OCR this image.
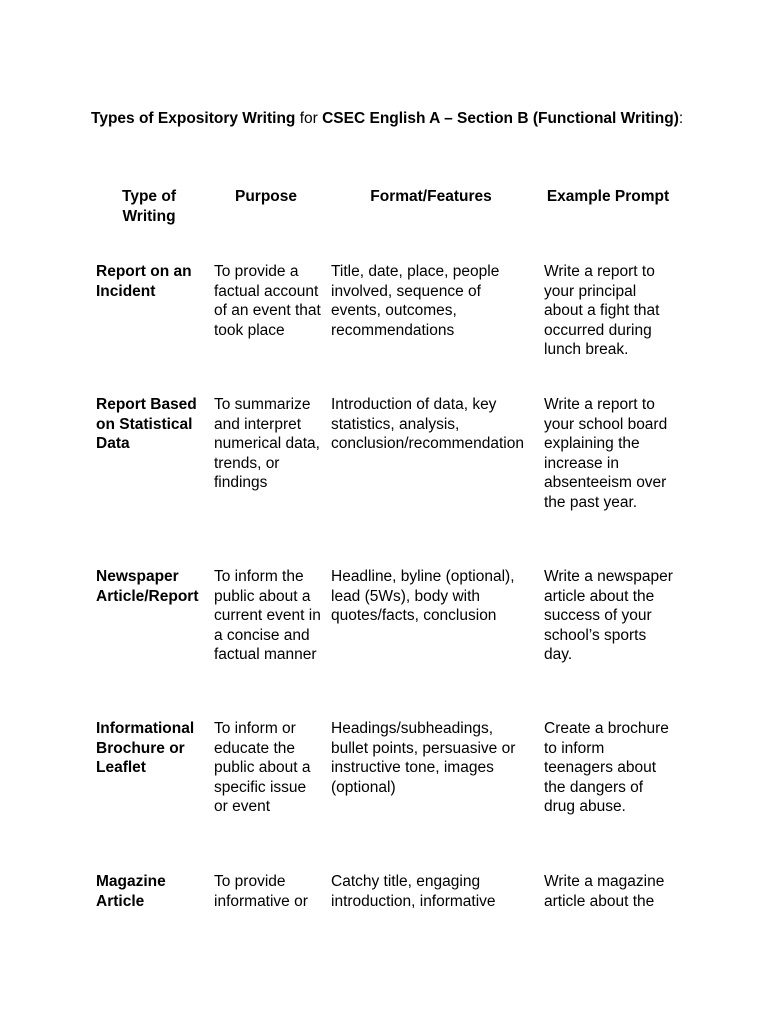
Types of Expository Writing for CSEC English A – Section B (Functional Writing):
Type of Writing
Purpose	Format/Features	Example Prompt
Report on an Incident
To provide a factual account of an event that took place
Title, date, place, people involved, sequence of events, outcomes, recommendations
Write a report to your principal about a fight that occurred during lunch break.
Report Based on Statistical Data
To summarize and interpret numerical data, trends, or findings
Introduction of data, key statistics, analysis, conclusion/recommendation
Write a report to your school board explaining the increase in absenteeism over the past year.
Newspaper Article/Report
To inform the public about a current event in a concise and factual manner
Headline, byline (optional), lead (5Ws), body with quotes/facts, conclusion
Write a newspaper article about the success of your school’s sports day.
Informational Brochure or Leaflet
To inform or educate the public about a specific issue or event
Headings/subheadings, bullet points, persuasive or instructive tone, images (optional)
Create a brochure to inform teenagers about the dangers of drug abuse.
Magazine Article
To provide informative or
Catchy title, engaging introduction, informative
Write a magazine article about the
